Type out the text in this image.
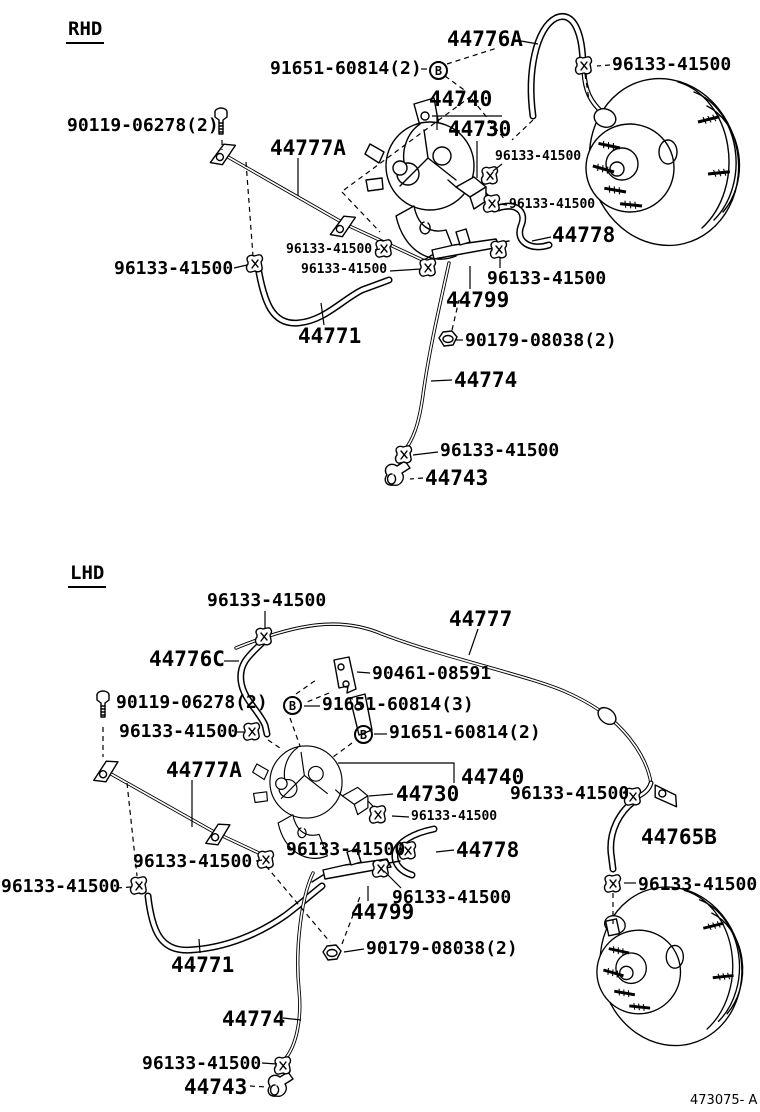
RHD
LHD
44776A
96133-41500
91651-60814(2)	B
44740
44730
90119-06278(2)
44777A	96133-41500
96133-41500
44778
96133-41500
96133-41500
96133-41500	96133-41500
44799
90179-08038(2)
44774
96133-41500
44743
44771
96133-41500
44777
44776C
90461-08591
B	91651-60814(3)
90119-06278(2)
B	91651-60814(2)
96133-41500
44777A	44740
96133-41500
44730
96133-41500
44765B
44778
96133-41500
96133-41500
96133-41500	96133-41500
96133-41500
44799
90179-08038(2)
44771
44774
96133-41500
44743
473075- A
